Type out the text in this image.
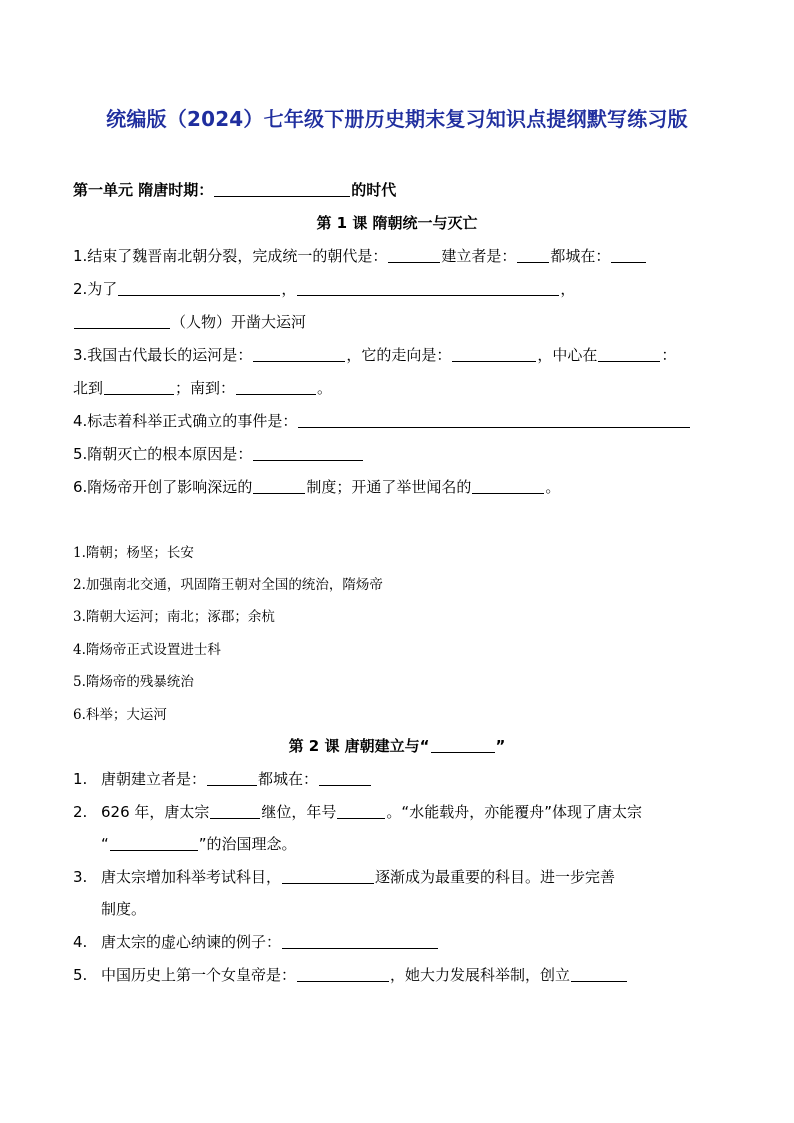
统编版（2024）七年级下册历史期末复习知识点提纲默写练习版
第一单元 隋唐时期：	的时代
第 1 课 隋朝统一与灭亡
1.结束了魏晋南北朝分裂，完成统一的朝代是：	建立者是： 都城在：
2.为了	，	，
（人物）开凿大运河
3.我国古代最长的运河是：	，它的走向是：	，中心在	：
北到	；南到：	。
4.标志着科举正式确立的事件是：
5.隋朝灭亡的根本原因是：
6.隋炀帝开创了影响深远的	制度；开通了举世闻名的	。
1.隋朝；杨坚；长安
2.加强南北交通，巩固隋王朝对全国的统治，隋炀帝
3.隋朝大运河；南北；涿郡；余杭
4.隋炀帝正式设置进士科
5.隋炀帝的残暴统治
6.科举；大运河
第 2 课 唐朝建立与“	”
1. 唐朝建立者是：	都城在：
2. 626 年，唐太宗	继位，年号	。“水能载舟，亦能覆舟”体现了唐太宗
“	”的治国理念。
3. 唐太宗增加科举考试科目，	逐渐成为最重要的科目。进一步完善
制度。
4. 唐太宗的虚心纳谏的例子：
5. 中国历史上第一个女皇帝是：	，她大力发展科举制，创立
